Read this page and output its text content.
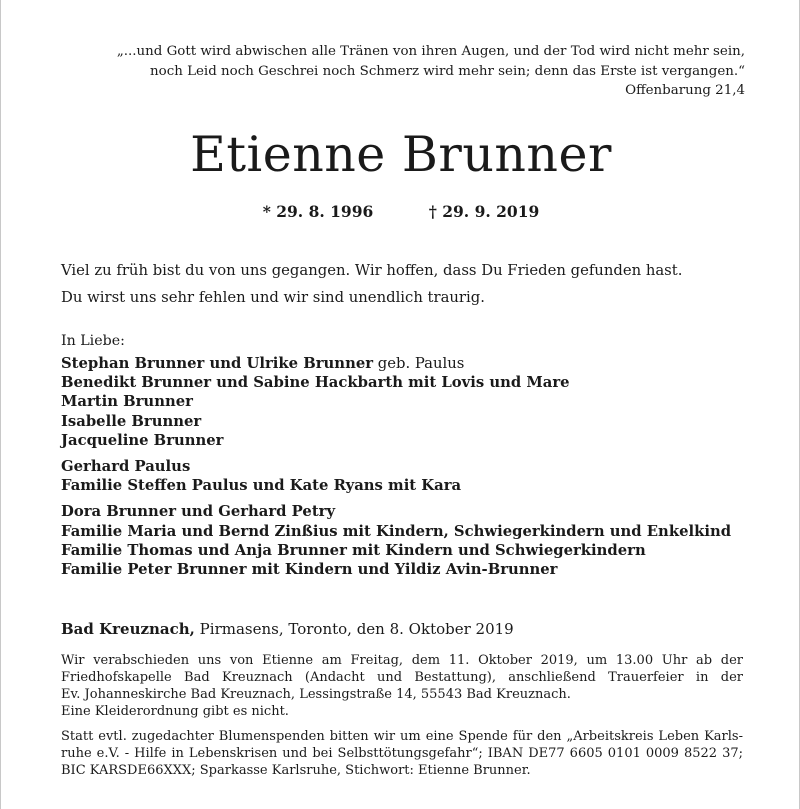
„...und Gott wird abwischen alle Tränen von ihren Augen, und der Tod wird nicht mehr sein,
noch Leid noch Geschrei noch Schmerz wird mehr sein; denn das Erste ist vergangen.“
Offenbarung 21,4
Etienne Brunner
* 29. 8. 1996	† 29. 9. 2019
Viel zu früh bist du von uns gegangen. Wir hoffen, dass Du Frieden gefunden hast.
Du wirst uns sehr fehlen und wir sind unendlich traurig.
In Liebe:
Stephan Brunner und Ulrike Brunner geb. Paulus
Benedikt Brunner und Sabine Hackbarth mit Lovis und Mare
Martin Brunner
Isabelle Brunner
Jacqueline Brunner
Gerhard Paulus
Familie Steffen Paulus und Kate Ryans mit Kara
Dora Brunner und Gerhard Petry
Familie Maria und Bernd Zinßius mit Kindern, Schwiegerkindern und Enkelkind
Familie Thomas und Anja Brunner mit Kindern und Schwiegerkindern
Familie Peter Brunner mit Kindern und Yildiz Avin-Brunner
Bad Kreuznach, Pirmasens, Toronto, den 8. Oktober 2019

Wir verabschieden uns von Etienne am Freitag, dem 11. Oktober 2019, um 13.00 Uhr ab der
Friedhofskapelle Bad Kreuznach (Andacht und Bestattung), anschließend Trauerfeier in der
Ev. Johanneskirche Bad Kreuznach, Lessingstraße 14, 55543 Bad Kreuznach.
Eine Kleiderordnung gibt es nicht.

Statt evtl. zugedachter Blumenspenden bitten wir um eine Spende für den „Arbeitskreis Leben Karls-
ruhe e.V. - Hilfe in Lebenskrisen und bei Selbsttötungsgefahr“; IBAN DE77 6605 0101 0009 8522 37;
BIC KARSDE66XXX; Sparkasse Karlsruhe, Stichwort: Etienne Brunner.
